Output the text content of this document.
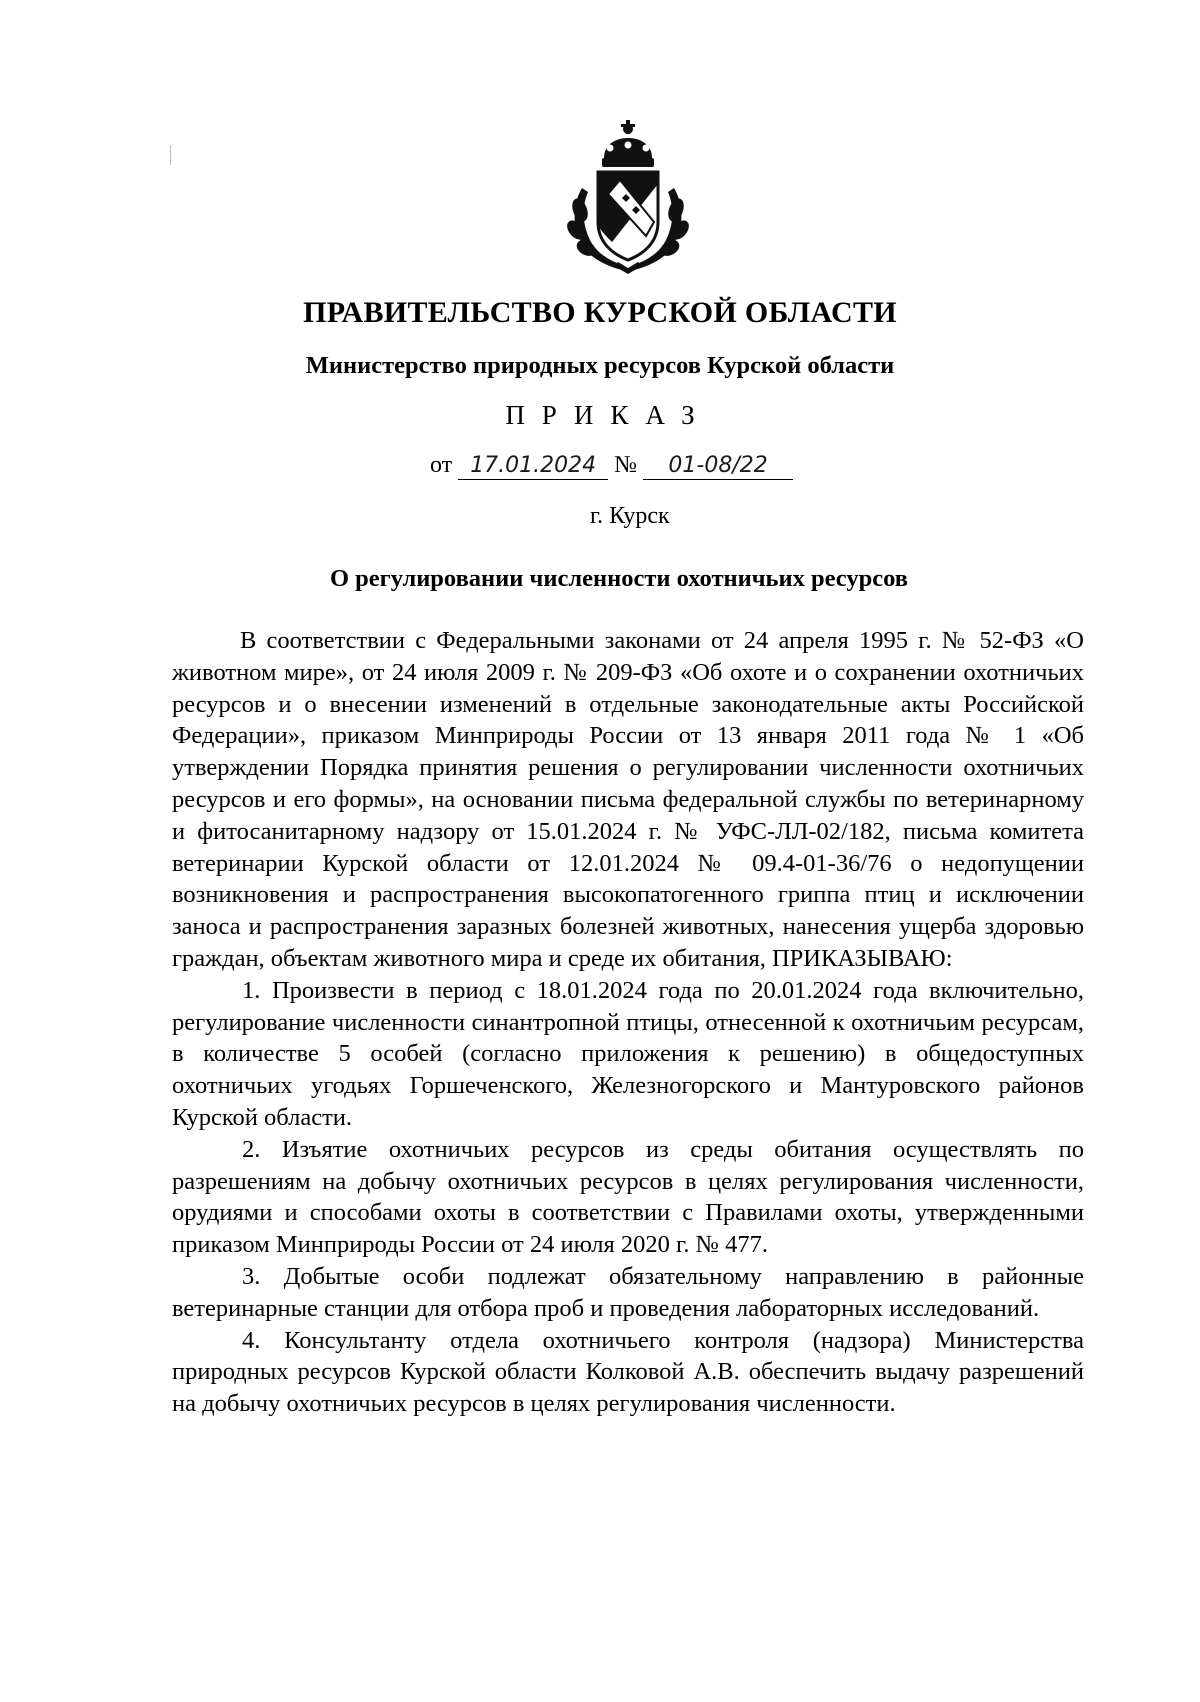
ПРАВИТЕЛЬСТВО КУРСКОЙ ОБЛАСТИ
Министерство природных ресурсов Курской области
ПРИКАЗ
от 17.01.2024 № 01-08/22
г. Курск
О регулировании численности охотничьих ресурсов

В соответствии с Федеральными законами от 24 апреля 1995 г. № 52-ФЗ «О животном мире», от 24 июля 2009 г. № 209-ФЗ «Об охоте и о сохранении охотничьих ресурсов и о внесении изменений в отдельные законодательные акты Российской Федерации», приказом Минприроды России от 13 января 2011 года № 1 «Об утверждении Порядка принятия решения о регулировании численности охотничьих ресурсов и его формы», на основании письма федеральной службы по ветеринарному и фитосанитарному надзору от 15.01.2024 г. № УФС-ЛЛ-02/182, письма комитета ветеринарии Курской области от 12.01.2024 № 09.4-01-36/76 о недопущении возникновения и распространения высокопатогенного гриппа птиц и исключении заноса и распространения заразных болезней животных, нанесения ущерба здоровью граждан, объектам животного мира и среде их обитания, ПРИКАЗЫВАЮ:

1. Произвести в период с 18.01.2024 года по 20.01.2024 года включительно, регулирование численности синантропной птицы, отнесенной к охотничьим ресурсам, в количестве 5 особей (согласно приложения к решению) в общедоступных охотничьих угодьях Горшеченского, Железногорского и Мантуровского районов Курской области.

2. Изъятие охотничьих ресурсов из среды обитания осуществлять по разрешениям на добычу охотничьих ресурсов в целях регулирования численности, орудиями и способами охоты в соответствии с Правилами охоты, утвержденными приказом Минприроды России от 24 июля 2020 г. № 477.

3. Добытые особи подлежат обязательному направлению в районные ветеринарные станции для отбора проб и проведения лабораторных исследований.

4. Консультанту отдела охотничьего контроля (надзора) Министерства природных ресурсов Курской области Колковой А.В. обеспечить выдачу разрешений на добычу охотничьих ресурсов в целях регулирования численности.
